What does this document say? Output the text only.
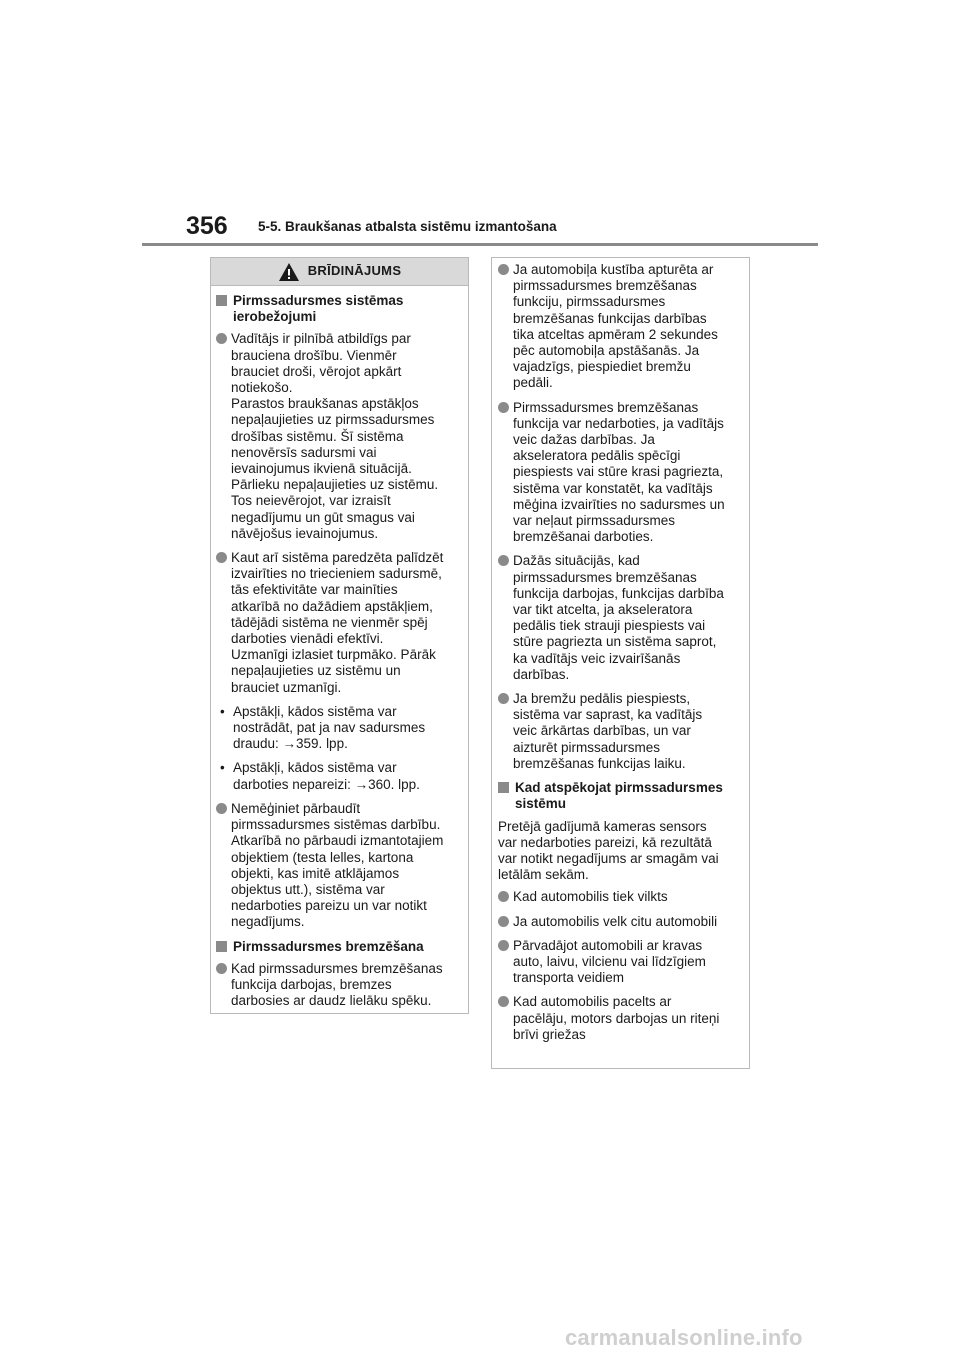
356 5-5. Braukšanas atbalsta sistēmu izmantošana
BRĪDINĀJUMS
Pirmssadursmes sistēmas
ierobežojumi
Vadītājs ir pilnībā atbildīgs par
brauciena drošību. Vienmēr
brauciet droši, vērojot apkārt
notiekošo.
Parastos braukšanas apstākļos
nepaļaujieties uz pirmssadursmes
drošības sistēmu. Šī sistēma
nenovērsīs sadursmi vai
ievainojumus ikvienā situācijā.
Pārlieku nepaļaujieties uz sistēmu.
Tos neievērojot, var izraisīt
negadījumu un gūt smagus vai
nāvējošus ievainojumus.
Kaut arī sistēma paredzēta palīdzēt
izvairīties no triecieniem sadursmē,
tās efektivitāte var mainīties
atkarībā no dažādiem apstākļiem,
tādējādi sistēma ne vienmēr spēj
darboties vienādi efektīvi.
Uzmanīgi izlasiet turpmāko. Pārāk
nepaļaujieties uz sistēmu un
brauciet uzmanīgi.
• Apstākļi, kādos sistēma var
nostrādāt, pat ja nav sadursmes
draudu: →359. lpp.
• Apstākļi, kādos sistēma var
darboties nepareizi: →360. lpp.
Nemēģiniet pārbaudīt
pirmssadursmes sistēmas darbību.
Atkarībā no pārbaudi izmantotajiem
objektiem (testa lelles, kartona
objekti, kas imitē atklājamos
objektus utt.), sistēma var
nedarboties pareizu un var notikt
negadījums.
Pirmssadursmes bremzēšana
Kad pirmssadursmes bremzēšanas
funkcija darbojas, bremzes
darbosies ar daudz lielāku spēku.
Ja automobiļa kustība apturēta ar
pirmssadursmes bremzēšanas
funkciju, pirmssadursmes
bremzēšanas funkcijas darbības
tika atceltas apmēram 2 sekundes
pēc automobiļa apstāšanās. Ja
vajadzīgs, piespiediet bremžu
pedāli.
Pirmssadursmes bremzēšanas
funkcija var nedarboties, ja vadītājs
veic dažas darbības. Ja
akseleratora pedālis spēcīgi
piespiests vai stūre krasi pagriezta,
sistēma var konstatēt, ka vadītājs
mēģina izvairīties no sadursmes un
var neļaut pirmssadursmes
bremzēšanai darboties.
Dažās situācijās, kad
pirmssadursmes bremzēšanas
funkcija darbojas, funkcijas darbība
var tikt atcelta, ja akseleratora
pedālis tiek strauji piespiests vai
stūre pagriezta un sistēma saprot,
ka vadītājs veic izvairīšanās
darbības.
Ja bremžu pedālis piespiests,
sistēma var saprast, ka vadītājs
veic ārkārtas darbības, un var
aizturēt pirmssadursmes
bremzēšanas funkcijas laiku.
Kad atspēkojat pirmssadursmes
sistēmu
Pretējā gadījumā kameras sensors
var nedarboties pareizi, kā rezultātā
var notikt negadījums ar smagām vai
letālām sekām.
Kad automobilis tiek vilkts
Ja automobilis velk citu automobili
Pārvadājot automobili ar kravas
auto, laivu, vilcienu vai līdzīgiem
transporta veidiem
Kad automobilis pacelts ar
pacēlāju, motors darbojas un riteņi
brīvi griežas
carmanualsonline.info
